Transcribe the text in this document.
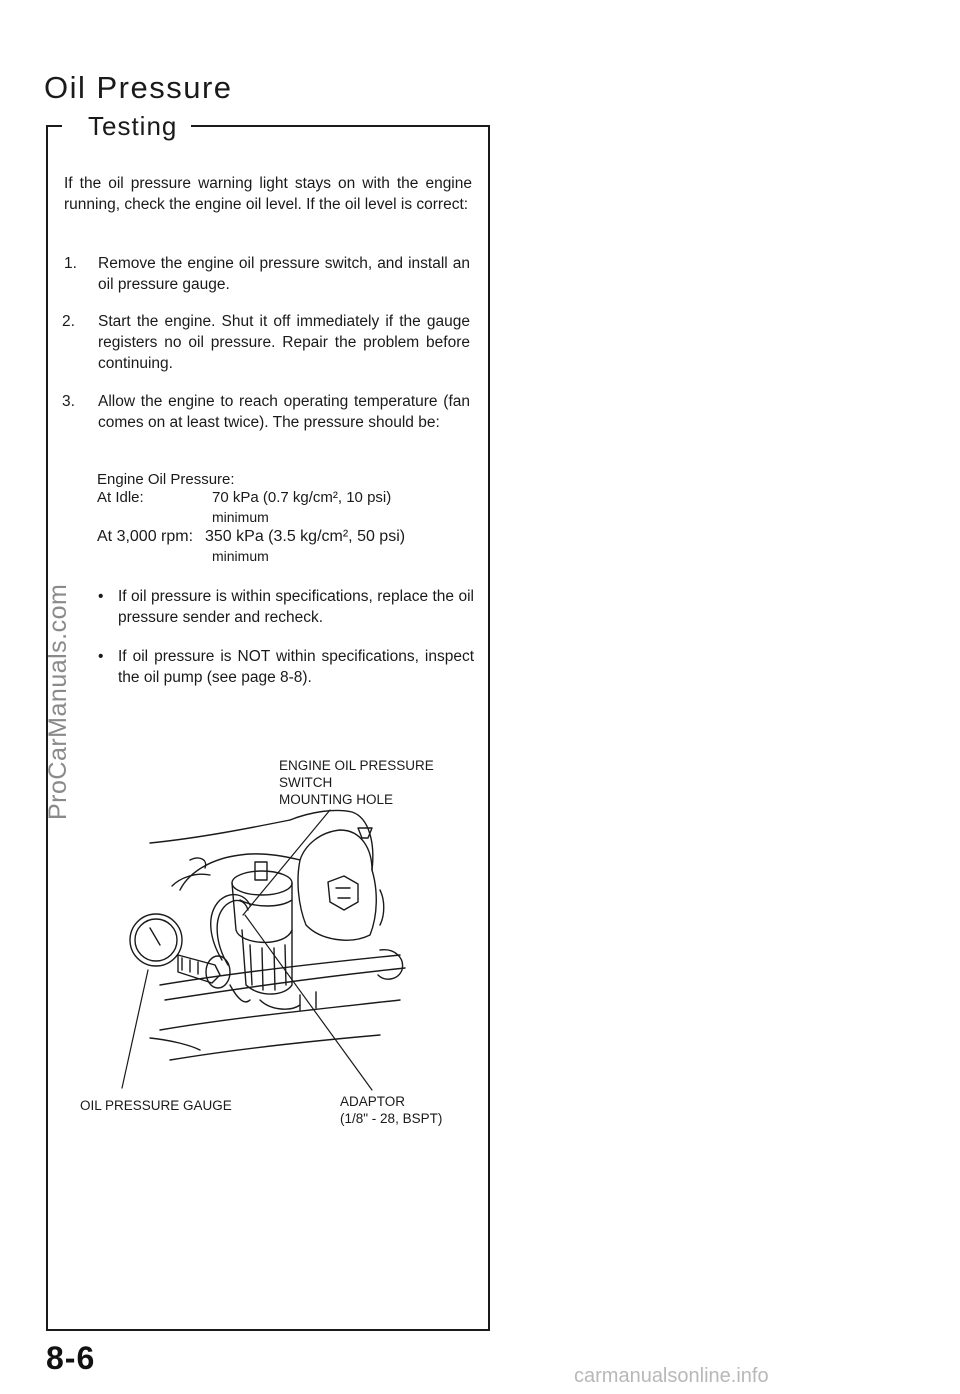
Oil Pressure
Testing
If the oil pressure warning light stays on with the engine running, check the engine oil level. If the oil level is correct:
1.	Remove the engine oil pressure switch, and install an oil pressure gauge.
2.	Start the engine. Shut it off immediately if the gauge registers no oil pressure. Repair the problem before continuing.
3.	Allow the engine to reach operating temperature (fan comes on at least twice). The pressure should be:
Engine Oil Pressure:
At Idle:	70 kPa (0.7 kg/cm², 10 psi)
minimum
At 3,000 rpm: 350 kPa (3.5 kg/cm², 50 psi)
minimum
• If oil pressure is within specifications, replace the oil pressure sender and recheck.
• If oil pressure is NOT within specifications, inspect the oil pump (see page 8-8).
ENGINE OIL PRESSURE
SWITCH
MOUNTING HOLE
OIL PRESSURE GAUGE	ADAPTOR
(1/8" - 28, BSPT)
8-6
ProCarManuals.com
carmanualsonline.info
